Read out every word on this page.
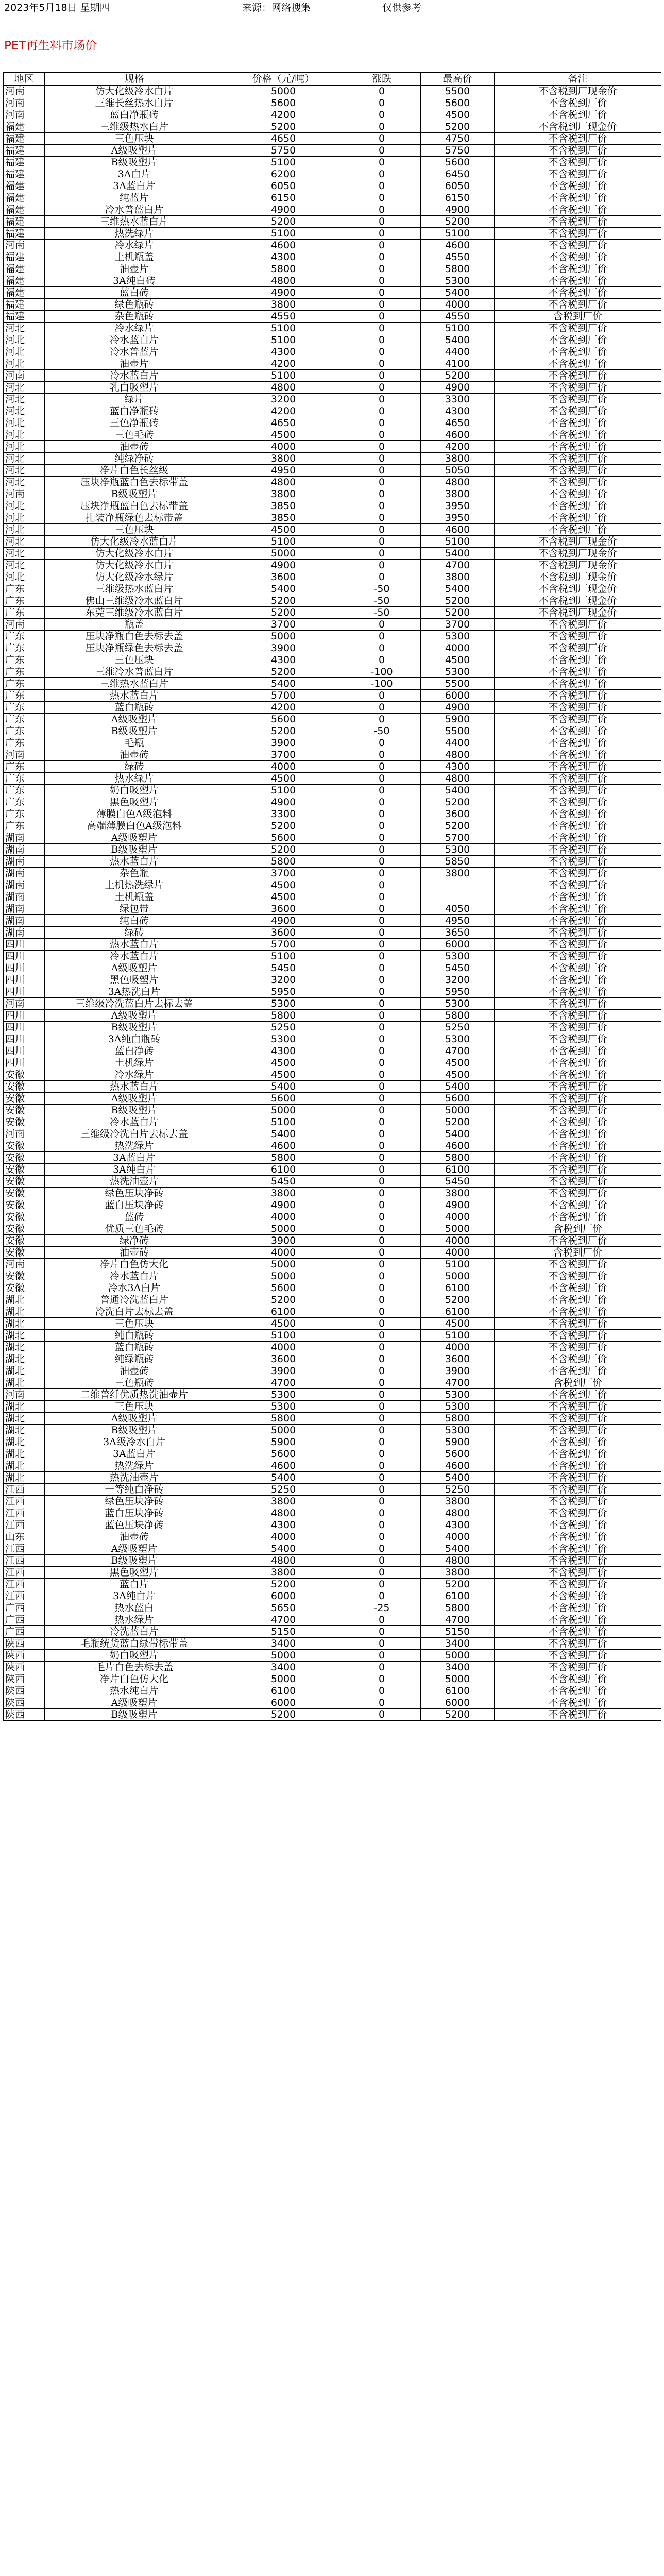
2023年5月18日 星期四	来源：网络搜集	仅供参考
PET再生料市场价
地区	规格	价格（元/吨）	涨跌	最高价	备注
河南	仿大化级冷水白片	5000	0	5500	不含税到厂现金价
河南	三维长丝热水白片	5600	0	5600	不含税到厂价
河南	蓝白净瓶砖	4200	0	4500	不含税到厂价
福建	三维级热水白片	5200	0	5200	不含税到厂现金价
福建	三色压块	4650	0	4750	不含税到厂价
福建	A级吸塑片	5750	0	5750	不含税到厂价
福建	B级吸塑片	5100	0	5600	不含税到厂价
福建	3A白片	6200	0	6450	不含税到厂价
福建	3A蓝白片	6050	0	6050	不含税到厂价
福建	纯蓝片	6150	0	6150	不含税到厂价
福建	冷水普蓝白片	4900	0	4900	不含税到厂价
福建	三维热水蓝白片	5200	0	5200	不含税到厂价
福建	热洗绿片	5100	0	5100	不含税到厂价
河南	冷水绿片	4600	0	4600	不含税到厂价
福建	土机瓶盖	4300	0	4550	不含税到厂价
福建	油壶片	5800	0	5800	不含税到厂价
福建	3A纯白砖	4800	0	5300	不含税到厂价
福建	蓝白砖	4900	0	5400	不含税到厂价
福建	绿色瓶砖	3800	0	4000	不含税到厂价
福建	杂色瓶砖	4550	0	4550	含税到厂价
河北	冷水绿片	5100	0	5100	不含税到厂价
河北	冷水蓝白片	5100	0	5400	不含税到厂价
河北	冷水普蓝片	4300	0	4400	不含税到厂价
河北	油壶片	4200	0	4100	不含税到厂价
河南	冷水蓝白片	5100	0	5200	不含税到厂价
河北	乳白吸塑片	4800	0	4900	不含税到厂价
河北	绿片	3200	0	3300	不含税到厂价
河北	蓝白净瓶砖	4200	0	4300	不含税到厂价
河北	三色净瓶砖	4650	0	4650	不含税到厂价
河北	三色毛砖	4500	0	4600	不含税到厂价
河北	油壶砖	4000	0	4200	不含税到厂价
河北	纯绿净砖	3800	0	3800	不含税到厂价
河北	净片白色长丝级	4950	0	5050	不含税到厂价
河北	压块净瓶蓝白色去标带盖	4800	0	4800	不含税到厂价
河南	B级吸塑片	3800	0	3800	不含税到厂价
河北	压块净瓶蓝白色去标带盖	3850	0	3950	不含税到厂价
河北	扎装净瓶绿色去标带盖	3850	0	3950	不含税到厂价
河北	三色压块	4500	0	4600	不含税到厂价
河北	仿大化级冷水蓝白片	5100	0	5100	不含税到厂现金价
河北	仿大化级冷水白片	5000	0	5400	不含税到厂现金价
河北	仿大化级冷水白片	4900	0	4700	不含税到厂现金价
河北	仿大化级冷水绿片	3600	0	3800	不含税到厂现金价
广东	三维级热水蓝白片	5400	-50	5400	不含税到厂现金价
广东	佛山三维级冷水蓝白片	5200	-50	5200	不含税到厂现金价
广东	东莞三维级冷水蓝白片	5200	-50	5200	不含税到厂现金价
河南	瓶盖	3700	0	3700	不含税到厂价
广东	压块净瓶白色去标去盖	5000	0	5300	不含税到厂价
广东	压块净瓶绿色去标去盖	3900	0	4000	不含税到厂价
广东	三色压块	4300	0	4500	不含税到厂价
广东	三维冷水普蓝白片	5200	-100	5300	不含税到厂价
广东	三维热水蓝白片	5400	-100	5500	不含税到厂价
广东	热水蓝白片	5700	0	6000	不含税到厂价
广东	蓝白瓶砖	4200	0	4900	不含税到厂价
广东	A级吸塑片	5600	0	5900	不含税到厂价
广东	B级吸塑片	5200	-50	5500	不含税到厂价
广东	毛瓶	3900	0	4400	不含税到厂价
河南	油壶砖	3700	0	4800	不含税到厂价
广东	绿砖	4000	0	4300	不含税到厂价
广东	热水绿片	4500	0	4800	不含税到厂价
广东	奶白吸塑片	5100	0	5400	不含税到厂价
广东	黑色吸塑片	4900	0	5200	不含税到厂价
广东	薄膜白色A级泡料	3300	0	3600	不含税到厂价
广东	高端薄膜白色A级泡料	5200	0	5200	不含税到厂价
湖南	A级吸塑片	5600	0	5700	不含税到厂价
湖南	B级吸塑片	5200	0	5300	不含税到厂价
湖南	热水蓝白片	5800	0	5850	不含税到厂价
湖南	杂色瓶	3700	0	3800	不含税到厂价
湖南	土机热洗绿片	4500	0		不含税到厂价
湖南	土机瓶盖	4500	0		不含税到厂价
湖南	绿包带	3600	0	4050	不含税到厂价
湖南	纯白砖	4900	0	4950	不含税到厂价
湖南	绿砖	3600	0	3650	不含税到厂价
四川	热水蓝白片	5700	0	6000	不含税到厂价
四川	冷水蓝白片	5100	0	5300	不含税到厂价
四川	A级吸塑片	5450	0	5450	不含税到厂价
四川	黑色吸塑片	3200	0	3200	不含税到厂价
四川	3A热洗白片	5950	0	5950	不含税到厂价
河南	三维级冷洗蓝白片去标去盖	5300	0	5300	不含税到厂价
四川	A级吸塑片	5800	0	5800	不含税到厂价
四川	B级吸塑片	5250	0	5250	不含税到厂价
四川	3A纯白瓶砖	5300	0	5300	不含税到厂价
四川	蓝白净砖	4300	0	4700	不含税到厂价
四川	土机绿片	4500	0	4500	不含税到厂价
安徽	冷水绿片	4500	0	4500	不含税到厂价
安徽	热水蓝白片	5400	0	5400	不含税到厂价
安徽	A级吸塑片	5600	0	5600	不含税到厂价
安徽	B级吸塑片	5000	0	5000	不含税到厂价
安徽	冷水蓝白片	5100	0	5200	不含税到厂价
河南	三维级冷洗白片去标去盖	5400	0	5400	不含税到厂价
安徽	热洗绿片	4600	0	4600	不含税到厂价
安徽	3A蓝白片	5800	0	5800	不含税到厂价
安徽	3A纯白片	6100	0	6100	不含税到厂价
安徽	热洗油壶片	5450	0	5450	不含税到厂价
安徽	绿色压块净砖	3800	0	3800	不含税到厂价
安徽	蓝白压块净砖	4900	0	4900	不含税到厂价
安徽	蓝砖	4000	0	4000	不含税到厂价
安徽	优质三色毛砖	5000	0	5000	含税到厂价
安徽	绿净砖	3900	0	4000	不含税到厂价
安徽	油壶砖	4000	0	4000	含税到厂价
河南	净片白色仿大化	5000	0	5100	不含税到厂价
安徽	冷水蓝白片	5000	0	5000	不含税到厂价
安徽	冷水3A白片	5600	0	6100	不含税到厂价
湖北	普通冷洗蓝白片	5200	0	5200	不含税到厂价
湖北	冷洗白片去标去盖	6100	0	6100	不含税到厂价
湖北	三色压块	4500	0	4500	不含税到厂价
湖北	纯白瓶砖	5100	0	5100	不含税到厂价
湖北	蓝白瓶砖	4000	0	4000	不含税到厂价
湖北	纯绿瓶砖	3600	0	3600	不含税到厂价
湖北	油壶砖	3900	0	3900	不含税到厂价
湖北	三色瓶砖	4700	0	4700	含税到厂价
河南	二维普纤优质热洗油壶片	5300	0	5300	不含税到厂价
湖北	三色压块	5300	0	5300	不含税到厂价
湖北	A级吸塑片	5800	0	5800	不含税到厂价
湖北	B级吸塑片	5000	0	5300	不含税到厂价
湖北	3A级冷水白片	5900	0	5900	不含税到厂价
湖北	3A蓝白片	5600	0	5600	不含税到厂价
湖北	热洗绿片	4600	0	4600	不含税到厂价
湖北	热洗油壶片	5400	0	5400	不含税到厂价
江西	一等纯白净砖	5250	0	5250	不含税到厂价
江西	绿色压块净砖	3800	0	3800	不含税到厂价
江西	蓝白压块净砖	4800	0	4800	不含税到厂价
江西	蓝色压块净砖	4300	0	4300	不含税到厂价
山东	油壶砖	4000	0	4000	不含税到厂价
江西	A级吸塑片	5400	0	5400	不含税到厂价
江西	B级吸塑片	4800	0	4800	不含税到厂价
江西	黑色吸塑片	3800	0	3800	不含税到厂价
江西	蓝白片	5200	0	5200	不含税到厂价
江西	3A纯白片	6000	0	6100	不含税到厂价
广西	热水蓝白	5650	-25	5800	不含税到厂价
广西	热水绿片	4700	0	4700	不含税到厂价
广西	冷洗蓝白片	5150	0	5150	不含税到厂价
陕西	毛瓶统货蓝白绿带标带盖	3400	0	3400	不含税到厂价
陕西	奶白吸塑片	5000	0	5000	不含税到厂价
陕西	毛片白色去标去盖	3400	0	3400	不含税到厂价
陕西	净片白色仿大化	5000	0	5000	不含税到厂价
陕西	热水纯白片	6100	0	6100	不含税到厂价
陕西	A级吸塑片	6000	0	6000	不含税到厂价
陕西	B级吸塑片	5200	0	5200	不含税到厂价
